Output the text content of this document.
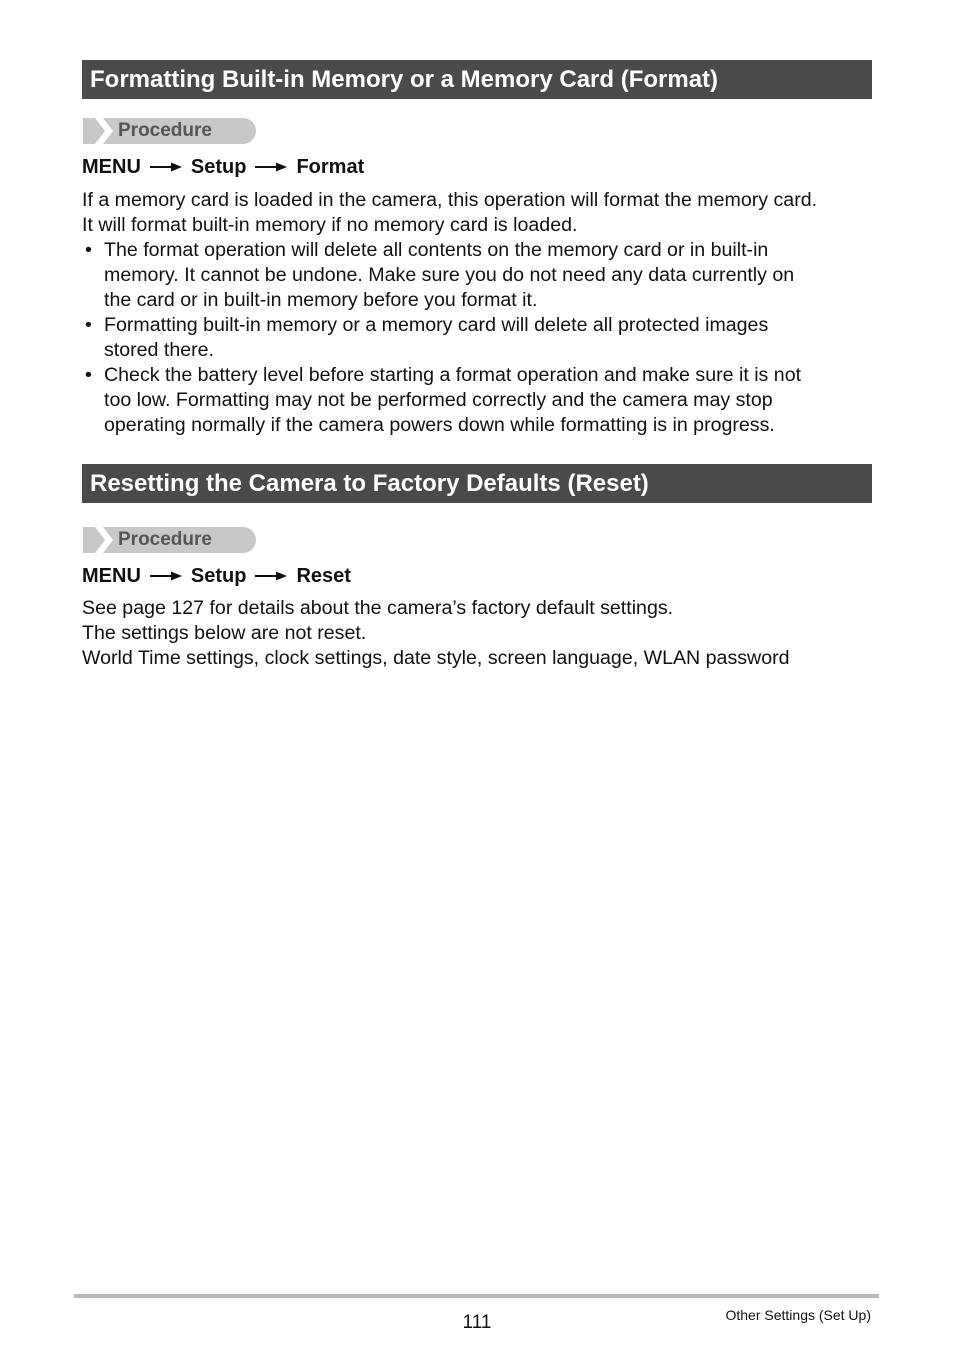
Formatting Built-in Memory or a Memory Card (Format)
Procedure
MENU	Setup	Format
If a memory card is loaded in the camera, this operation will format the memory card.
It will format built-in memory if no memory card is loaded.
• The format operation will delete all contents on the memory card or in built-in
memory. It cannot be undone. Make sure you do not need any data currently on
the card or in built-in memory before you format it.
• Formatting built-in memory or a memory card will delete all protected images
stored there.
• Check the battery level before starting a format operation and make sure it is not
too low. Formatting may not be performed correctly and the camera may stop
operating normally if the camera powers down while formatting is in progress.
Resetting the Camera to Factory Defaults (Reset)
Procedure
MENU	Setup	Reset
See page 127 for details about the camera’s factory default settings.
The settings below are not reset.
World Time settings, clock settings, date style, screen language, WLAN password
111	Other Settings (Set Up)
